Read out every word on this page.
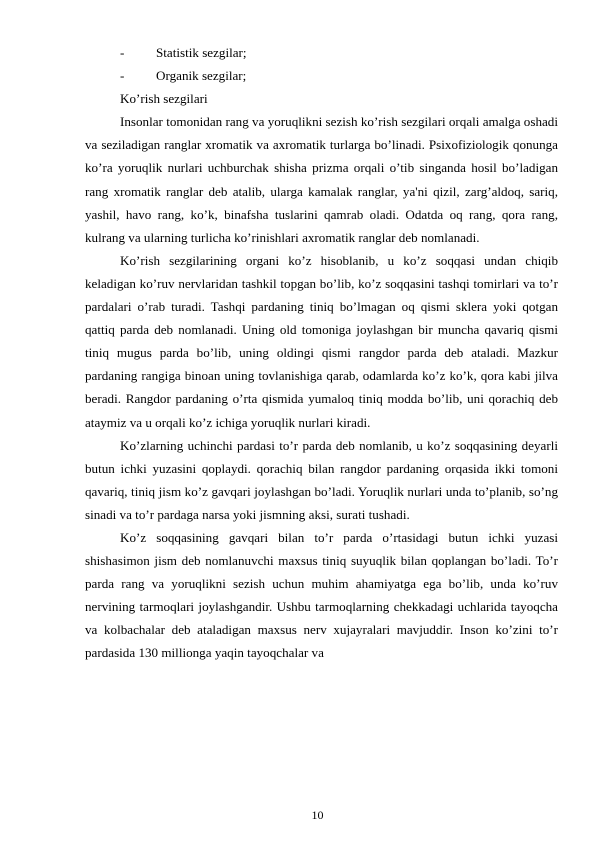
- Statistik sezgilar;

- Organik sezgilar;

Ko’rish sezgilari

Insonlar tomonidan rang va yoruqlikni sezish ko’rish sezgilari orqali amalga oshadi va seziladigan ranglar xromatik va axromatik turlarga bo’linadi. Psixofiziologik qonunga ko’ra yoruqlik nurlari uchburchak shisha prizma orqali o’tib singanda hosil bo’ladigan rang xromatik ranglar deb atalib, ularga kamalak ranglar, ya'ni qizil, zarg’aldoq, sariq, yashil, havo rang, ko’k, binafsha tuslarini qamrab oladi. Odatda oq rang, qora rang, kulrang va ularning turlicha ko’rinishlari axromatik ranglar deb nomlanadi.

Ko’rish sezgilarining organi ko’z hisoblanib, u ko’z soqqasi undan chiqib keladigan ko’ruv nervlaridan tashkil topgan bo’lib, ko’z soqqasini tashqi tomirlari va to’r pardalari o’rab turadi. Tashqi pardaning tiniq bo’lmagan oq qismi sklera yoki qotgan qattiq parda deb nomlanadi. Uning old tomoniga joylashgan bir muncha qavariq qismi tiniq mugus parda bo’lib, uning oldingi qismi rangdor parda deb ataladi. Mazkur pardaning rangiga binoan uning tovlanishiga qarab, odamlarda ko’z ko’k, qora kabi jilva beradi. Rangdor pardaning o’rta qismida yumaloq tiniq modda bo’lib, uni qorachiq deb ataymiz va u orqali ko’z ichiga yoruqlik nurlari kiradi.

Ko’zlarning uchinchi pardasi to’r parda deb nomlanib, u ko’z soqqasining deyarli butun ichki yuzasini qoplaydi. qorachiq bilan rangdor pardaning orqasida ikki tomoni qavariq, tiniq jism ko’z gavqari joylashgan bo’ladi. Yoruqlik nurlari unda to’planib, so’ng sinadi va to’r pardaga narsa yoki jismning aksi, surati tushadi.

Ko’z soqqasining gavqari bilan to’r parda o’rtasidagi butun ichki yuzasi shishasimon jism deb nomlanuvchi maxsus tiniq suyuqlik bilan qoplangan bo’ladi. To’r parda rang va yoruqlikni sezish uchun muhim ahamiyatga ega bo’lib, unda ko’ruv nervining tarmoqlari joylashgandir. Ushbu tarmoqlarning chekkadagi uchlarida tayoqcha va kolbachalar deb ataladigan maxsus nerv xujayralari mavjuddir. Inson ko’zini to’r pardasida 130 millionga yaqin tayoqchalar va

10
